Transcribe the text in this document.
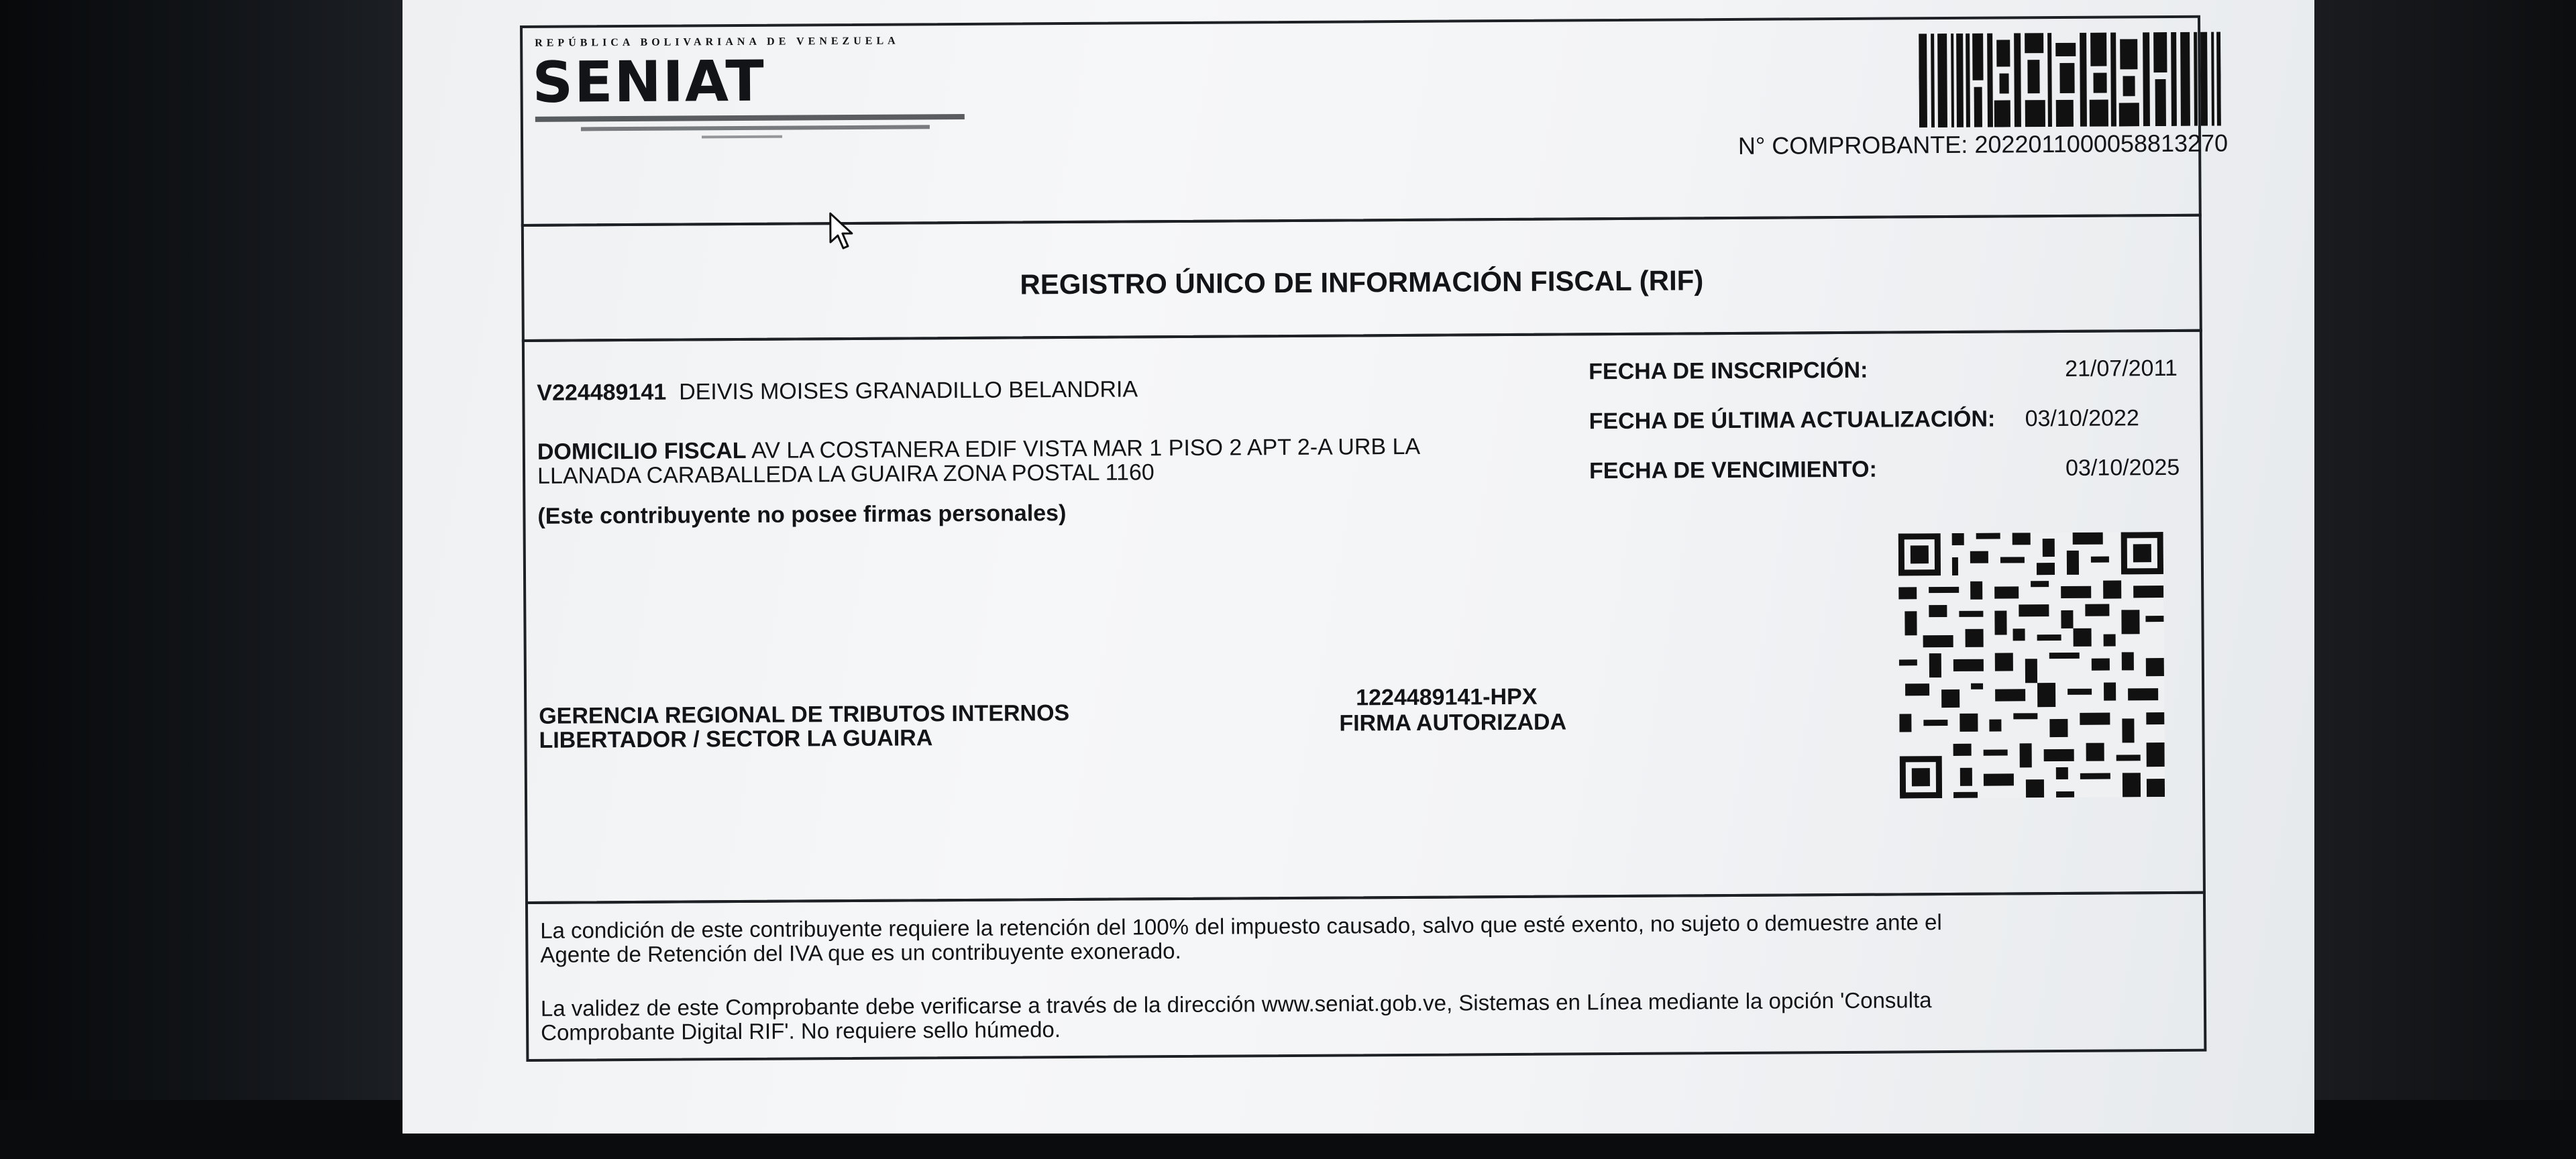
REPÚBLICA BOLIVARIANA DE VENEZUELA
SENIAT
N° COMPROBANTE: 2022011000058813270
REGISTRO ÚNICO DE INFORMACIÓN FISCAL (RIF)
V224489141 DEIVIS MOISES GRANADILLO BELANDRIA
DOMICILIO FISCAL AV LA COSTANERA EDIF VISTA MAR 1 PISO 2 APT 2-A URB LA
LLANADA CARABALLEDA LA GUAIRA ZONA POSTAL 1160
(Este contribuyente no posee firmas personales)
FECHA DE INSCRIPCIÓN:	21/07/2011
FECHA DE ÚLTIMA ACTUALIZACIÓN: 03/10/2022
FECHA DE VENCIMIENTO:	03/10/2025
GERENCIA REGIONAL DE TRIBUTOS INTERNOS
LIBERTADOR / SECTOR LA GUAIRA
1224489141-HPX
FIRMA AUTORIZADA
La condición de este contribuyente requiere la retención del 100% del impuesto causado, salvo que esté exento, no sujeto o demuestre ante el
Agente de Retención del IVA que es un contribuyente exonerado.
La validez de este Comprobante debe verificarse a través de la dirección www.seniat.gob.ve, Sistemas en Línea mediante la opción 'Consulta
Comprobante Digital RIF'. No requiere sello húmedo.
